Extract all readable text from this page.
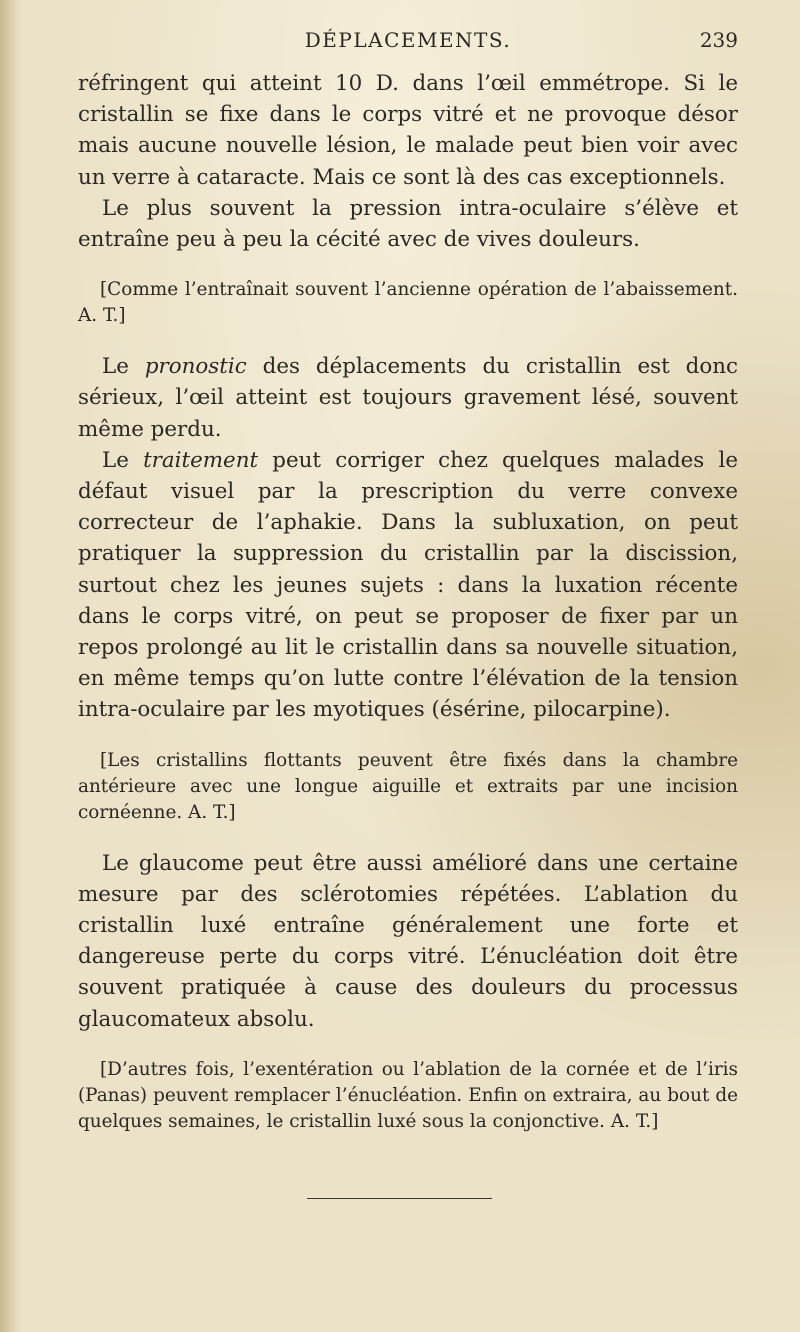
DÉPLACEMENTS.	239

réfringent qui atteint 10 D. dans l’œil emmétrope. Si le cristallin se fixe dans le corps vitré et ne provoque désor mais aucune nouvelle lésion, le malade peut bien voir avec un verre à cataracte. Mais ce sont là des cas exceptionnels.

Le plus souvent la pression intra-oculaire s’élève et entraîne peu à peu la cécité avec de vives douleurs.

[Comme l’entraînait souvent l’ancienne opération de l’abaissement. A. T.]

Le pronostic des déplacements du cristallin est donc sérieux, l’œil atteint est toujours gravement lésé, souvent même perdu.

Le traitement peut corriger chez quelques malades le défaut visuel par la prescription du verre convexe correcteur de l’aphakie. Dans la subluxation, on peut pratiquer la suppression du cristallin par la discission, surtout chez les jeunes sujets : dans la luxation récente dans le corps vitré, on peut se proposer de fixer par un repos prolongé au lit le cristallin dans sa nouvelle situation, en même temps qu’on lutte contre l’élévation de la tension intra-oculaire par les myotiques (ésérine, pilocarpine).

[Les cristallins flottants peuvent être fixés dans la chambre antérieure avec une longue aiguille et extraits par une incision cornéenne. A. T.]

Le glaucome peut être aussi amélioré dans une certaine mesure par des sclérotomies répétées. L’ablation du cristallin luxé entraîne généralement une forte et dangereuse perte du corps vitré. L’énucléation doit être souvent pratiquée à cause des douleurs du processus glaucomateux absolu.

[D’autres fois, l’exentération ou l’ablation de la cornée et de l’iris (Panas) peuvent remplacer l’énucléation. Enfin on extraira, au bout de quelques semaines, le cristallin luxé sous la conjonctive. A. T.]
